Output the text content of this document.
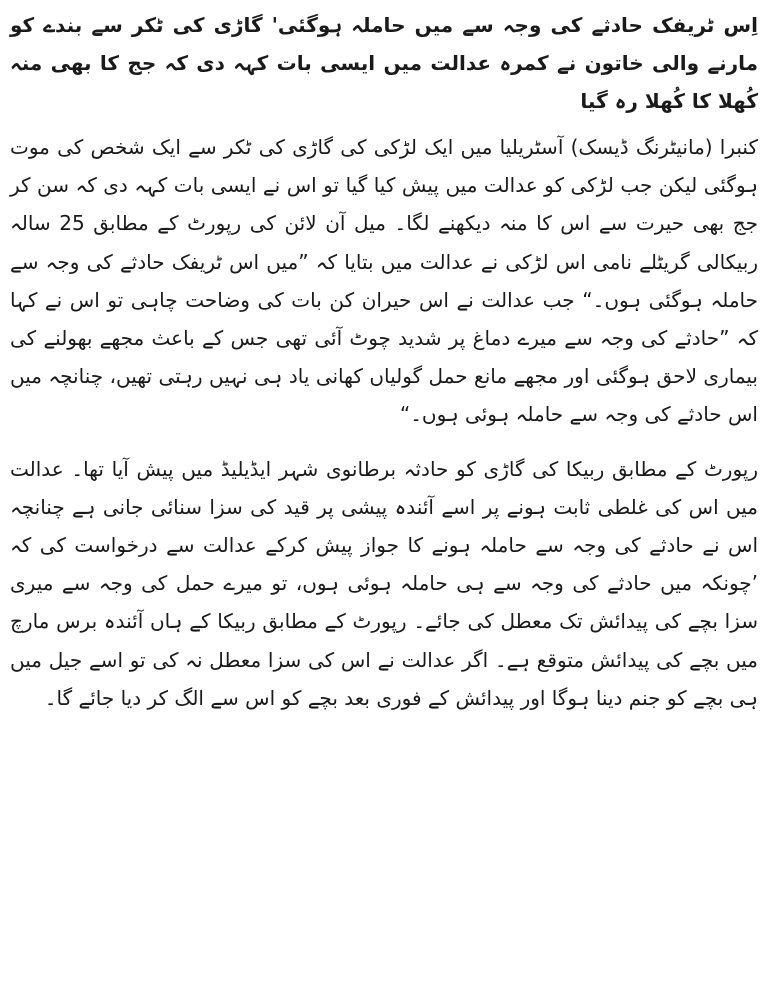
اِس ٹریفک حادثے کی وجہ سے میں حاملہ ہوگئی' گاڑی کی ٹکر سے بندے کو مارنے والی خاتون نے کمرہ عدالت میں ایسی بات کہہ دی کہ جج کا بھی منہ کُھلا کا کُھلا رہ گیا

کنبرا (مانیٹرنگ ڈیسک) آسٹریلیا میں ایک لڑکی کی گاڑی کی ٹکر سے ایک شخص کی موت ہوگئی لیکن جب لڑکی کو عدالت میں پیش کیا گیا تو اس نے ایسی بات کہہ دی کہ سن کر جج بھی حیرت سے اس کا منہ دیکھنے لگا۔ میل آن لائن کی رپورٹ کے مطابق 25 سالہ ربیکالی گریٹلے نامی اس لڑکی نے عدالت میں بتایا کہ ”میں اس ٹریفک حادثے کی وجہ سے حاملہ ہوگئی ہوں۔“ جب عدالت نے اس حیران کن بات کی وضاحت چاہی تو اس نے کہا کہ ”حادثے کی وجہ سے میرے دماغ پر شدید چوٹ آئی تھی جس کے باعث مجھے بھولنے کی بیماری لاحق ہوگئی اور مجھے مانع حمل گولیاں کھانی یاد ہی نہیں رہتی تھیں، چنانچہ میں اس حادثے کی وجہ سے حاملہ ہوئی ہوں۔“

رپورٹ کے مطابق ربیکا کی گاڑی کو حادثہ برطانوی شہر ایڈیلیڈ میں پیش آیا تھا۔ عدالت میں اس کی غلطی ثابت ہونے پر اسے آئندہ پیشی پر قید کی سزا سنائی جانی ہے چنانچہ اس نے حادثے کی وجہ سے حاملہ ہونے کا جواز پیش کرکے عدالت سے درخواست کی کہ ’چونکہ میں حادثے کی وجہ سے ہی حاملہ ہوئی ہوں، تو میرے حمل کی وجہ سے میری سزا بچے کی پیدائش تک معطل کی جائے۔ رپورٹ کے مطابق ربیکا کے ہاں آئندہ برس مارچ میں بچے کی پیدائش متوقع ہے۔ اگر عدالت نے اس کی سزا معطل نہ کی تو اسے جیل میں ہی بچے کو جنم دینا ہوگا اور پیدائش کے فوری بعد بچے کو اس سے الگ کر دیا جائے گا۔
